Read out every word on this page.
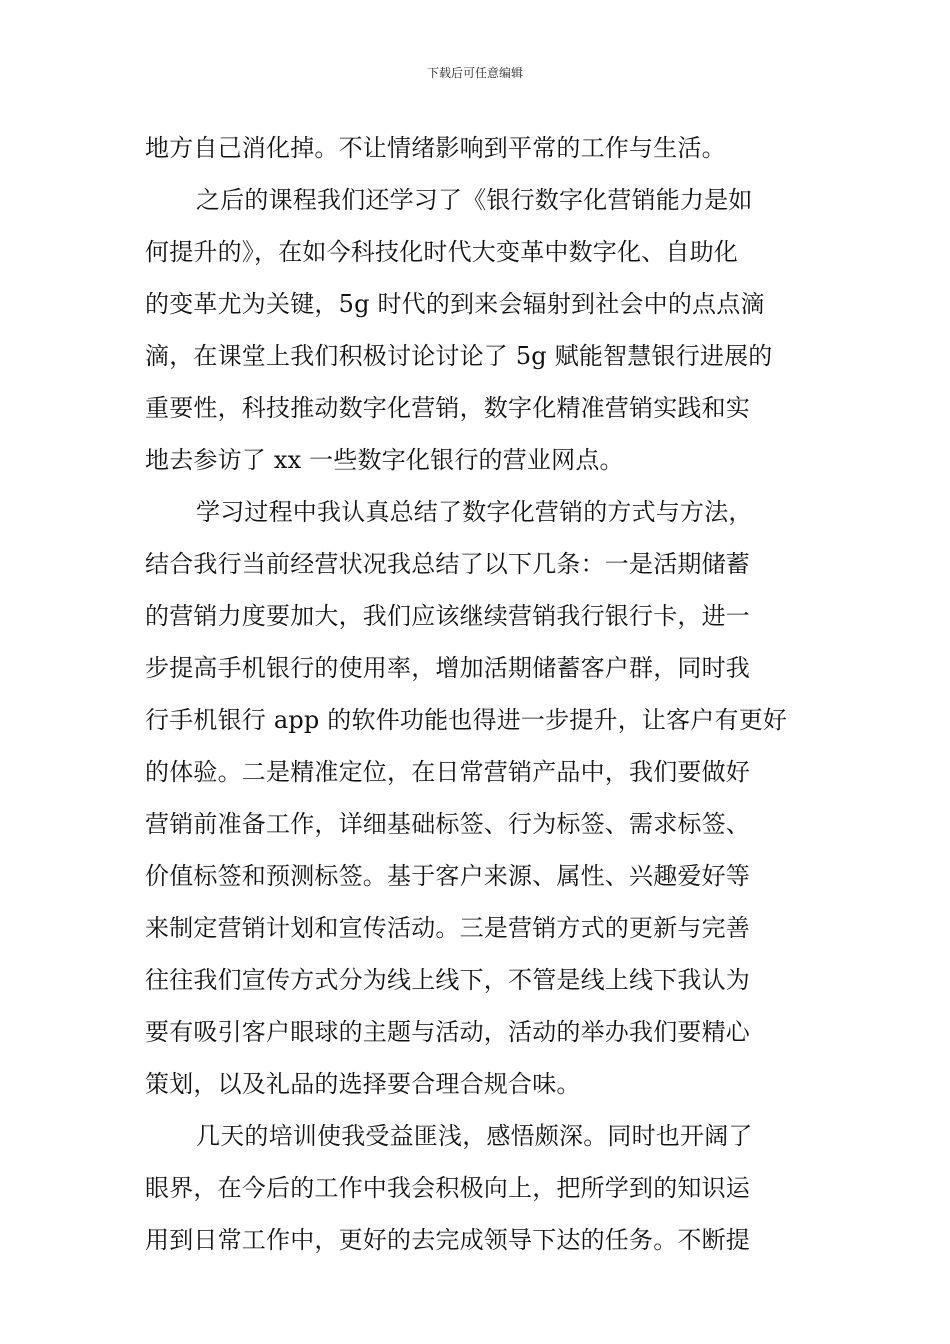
下载后可任意编辑
地方自己消化掉。不让情绪影响到平常的工作与生活。
之后的课程我们还学习了《银行数字化营销能力是如
何提升的》，在如今科技化时代大变革中数字化、自助化
的变革尤为关键，5g 时代的到来会辐射到社会中的点点滴
滴，在课堂上我们积极讨论讨论了 5g 赋能智慧银行进展的
重要性，科技推动数字化营销，数字化精准营销实践和实
地去参访了 xx 一些数字化银行的营业网点。
学习过程中我认真总结了数字化营销的方式与方法，
结合我行当前经营状况我总结了以下几条：一是活期储蓄
的营销力度要加大，我们应该继续营销我行银行卡，进一
步提高手机银行的使用率，增加活期储蓄客户群，同时我
行手机银行 app 的软件功能也得进一步提升，让客户有更好
的体验。二是精准定位，在日常营销产品中，我们要做好
营销前准备工作，详细基础标签、行为标签、需求标签、
价值标签和预测标签。基于客户来源、属性、兴趣爱好等
来制定营销计划和宣传活动。三是营销方式的更新与完善
往往我们宣传方式分为线上线下，不管是线上线下我认为
要有吸引客户眼球的主题与活动，活动的举办我们要精心
策划，以及礼品的选择要合理合规合味。
几天的培训使我受益匪浅，感悟颇深。同时也开阔了
眼界，在今后的工作中我会积极向上，把所学到的知识运
用到日常工作中，更好的去完成领导下达的任务。不断提
